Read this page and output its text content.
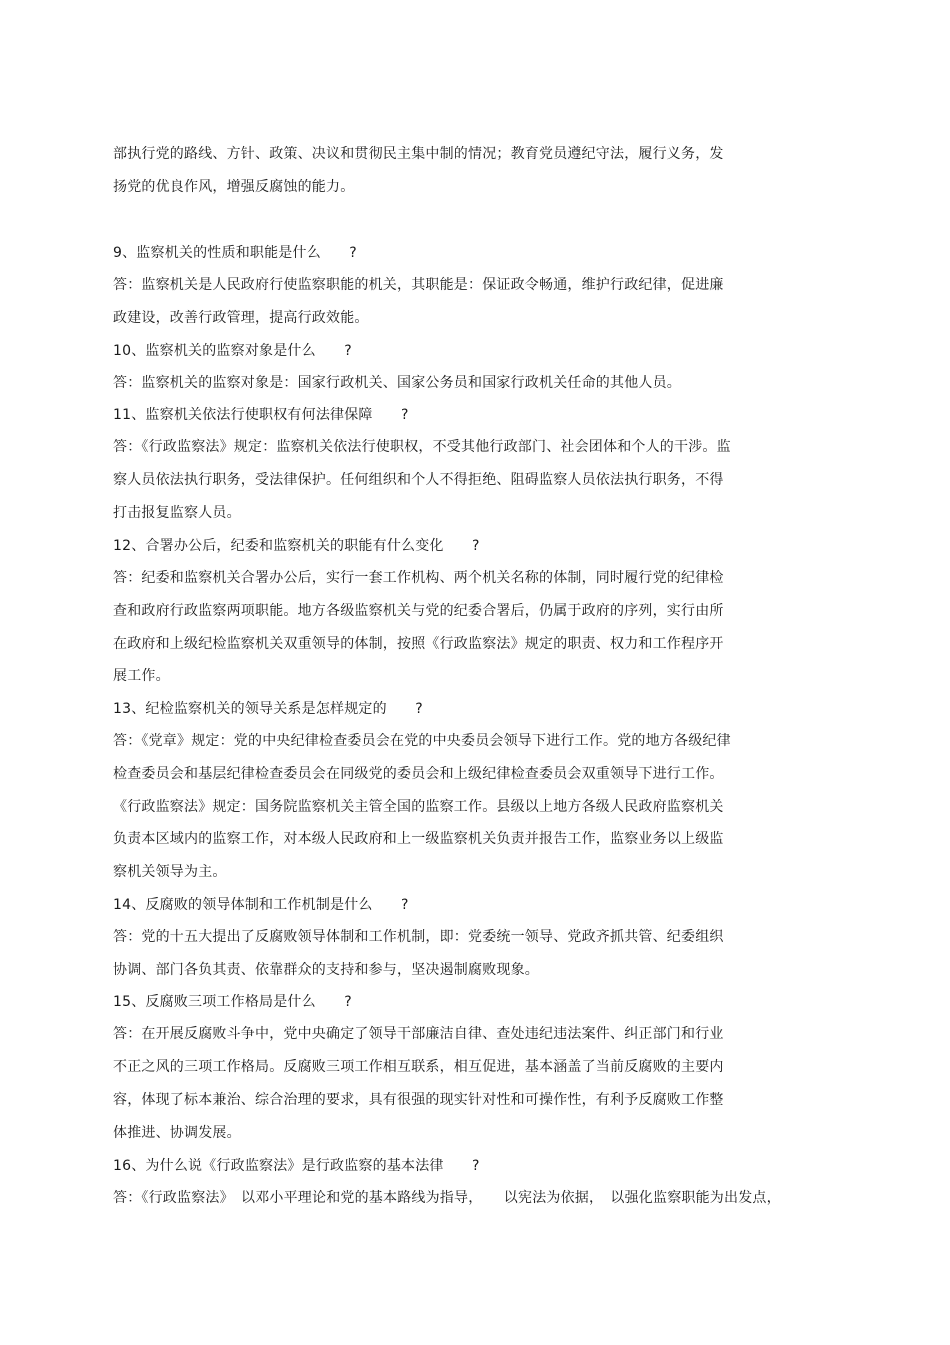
部执行党的路线、方针、政策、决议和贯彻民主集中制的情况；教育党员遵纪守法，履行义务，发
扬党的优良作风，增强反腐蚀的能力。
9、监察机关的性质和职能是什么　　?
答：监察机关是人民政府行使监察职能的机关，其职能是：保证政令畅通，维护行政纪律，促进廉
政建设，改善行政管理，提高行政效能。
10、监察机关的监察对象是什么　　?
答：监察机关的监察对象是：国家行政机关、国家公务员和国家行政机关任命的其他人员。
11、监察机关依法行使职权有何法律保障　　?
答：《行政监察法》规定：监察机关依法行使职权，不受其他行政部门、社会团体和个人的干涉。监
察人员依法执行职务，受法律保护。任何组织和个人不得拒绝、阻碍监察人员依法执行职务，不得
打击报复监察人员。
12、合署办公后，纪委和监察机关的职能有什么变化　　?
答：纪委和监察机关合署办公后，实行一套工作机构、两个机关名称的体制，同时履行党的纪律检
查和政府行政监察两项职能。地方各级监察机关与党的纪委合署后，仍属于政府的序列，实行由所
在政府和上级纪检监察机关双重领导的体制，按照《行政监察法》规定的职责、权力和工作程序开
展工作。
13、纪检监察机关的领导关系是怎样规定的　　?
答：《党章》规定：党的中央纪律检查委员会在党的中央委员会领导下进行工作。党的地方各级纪律
检查委员会和基层纪律检查委员会在同级党的委员会和上级纪律检查委员会双重领导下进行工作。
《行政监察法》规定：国务院监察机关主管全国的监察工作。县级以上地方各级人民政府监察机关
负责本区域内的监察工作，对本级人民政府和上一级监察机关负责并报告工作，监察业务以上级监
察机关领导为主。
14、反腐败的领导体制和工作机制是什么　　?
答：党的十五大提出了反腐败领导体制和工作机制，即：党委统一领导、党政齐抓共管、纪委组织
协调、部门各负其责、依靠群众的支持和参与，坚决遏制腐败现象。
15、反腐败三项工作格局是什么　　?
答：在开展反腐败斗争中，党中央确定了领导干部廉洁自律、查处违纪违法案件、纠正部门和行业
不正之风的三项工作格局。反腐败三项工作相互联系，相互促进，基本涵盖了当前反腐败的主要内
容，体现了标本兼治、综合治理的要求，具有很强的现实针对性和可操作性，有利予反腐败工作整
体推进、协调发展。
16、为什么说《行政监察法》是行政监察的基本法律　　?
答：《行政监察法》　以邓小平理论和党的基本路线为指导，　　以宪法为依据，　以强化监察职能为出发点，
